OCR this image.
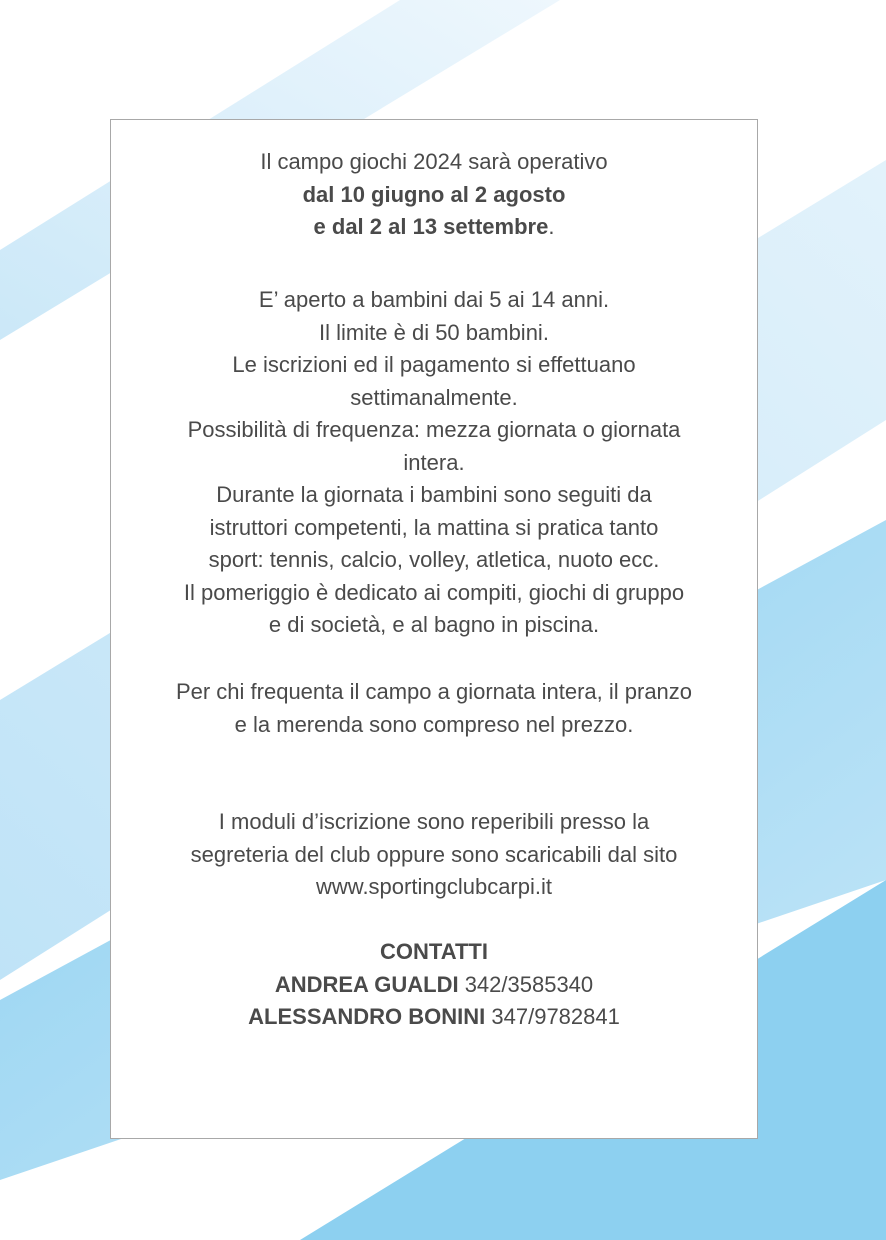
Il campo giochi 2024 sarà operativo
dal 10 giugno al 2 agosto
e dal 2 al 13 settembre.
E’ aperto a bambini dai 5 ai 14 anni.
Il limite è di 50 bambini.
Le iscrizioni ed il pagamento si effettuano
settimanalmente.
Possibilità di frequenza: mezza giornata o giornata
intera.
Durante la giornata i bambini sono seguiti da
istruttori competenti, la mattina si pratica tanto
sport: tennis, calcio, volley, atletica, nuoto ecc.
Il pomeriggio è dedicato ai compiti, giochi di gruppo
e di società, e al bagno in piscina.
Per chi frequenta il campo a giornata intera, il pranzo
e la merenda sono compreso nel prezzo.
I moduli d’iscrizione sono reperibili presso la
segreteria del club oppure sono scaricabili dal sito
www.sportingclubcarpi.it
CONTATTI
ANDREA GUALDI 342/3585340
ALESSANDRO BONINI 347/9782841
